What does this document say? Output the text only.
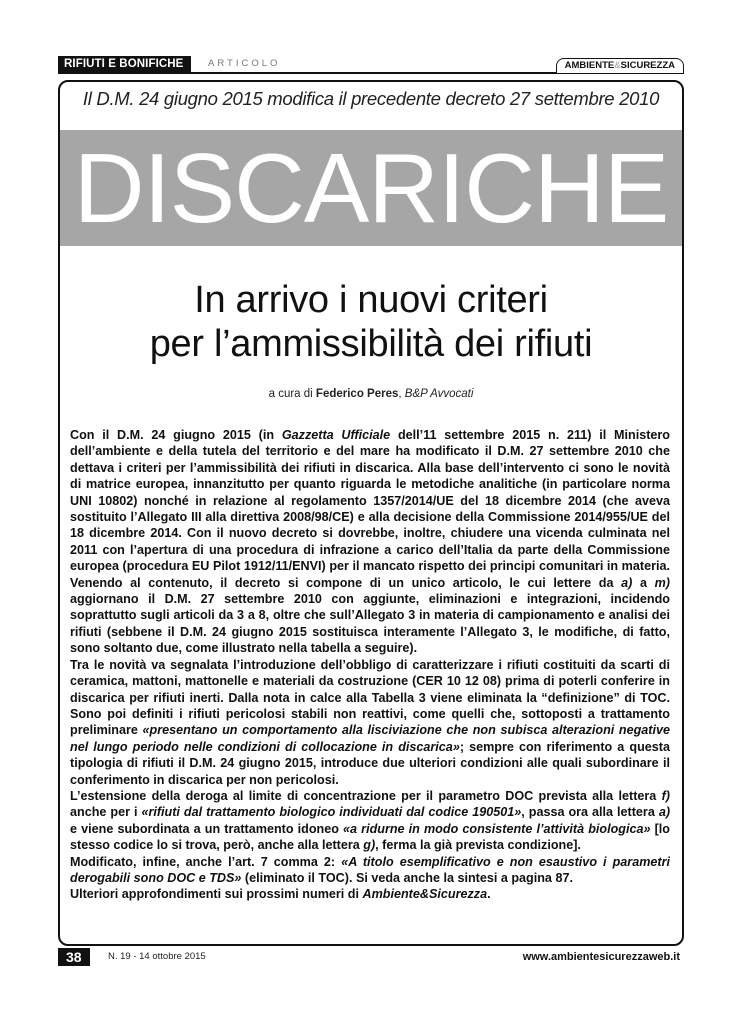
RIFIUTI E BONIFICHE	ARTICOLO	AMBIENTE&SICUREZZA
Il D.M. 24 giugno 2015 modifica il precedente decreto 27 settembre 2010
DISCARICHE
In arrivo i nuovi criteri
per l’ammissibilità dei rifiuti
a cura di Federico Peres, B&P Avvocati

Con il D.M. 24 giugno 2015 (in Gazzetta Ufficiale dell’11 settembre 2015 n. 211) il Ministero dell’ambiente e della tutela del territorio e del mare ha modificato il D.M. 27 settembre 2010 che dettava i criteri per l’ammissibilità dei rifiuti in discarica. Alla base dell’intervento ci sono le novità di matrice europea, innanzitutto per quanto riguarda le metodiche analitiche (in particolare norma UNI 10802) nonché in relazione al regolamento 1357/2014/UE del 18 dicembre 2014 (che aveva sostituito l’Allegato III alla direttiva 2008/98/CE) e alla decisione della Commissione 2014/955/UE del 18 dicembre 2014. Con il nuovo decreto si dovrebbe, inoltre, chiudere una vicenda culminata nel 2011 con l’apertura di una procedura di infrazione a carico dell’Italia da parte della Commissione europea (procedura EU Pilot 1912/11/ENVI) per il mancato rispetto dei principi comunitari in materia. Venendo al contenuto, il decreto si compone di un unico articolo, le cui lettere da a) a m) aggiornano il D.M. 27 settembre 2010 con aggiunte, eliminazioni e integrazioni, incidendo soprattutto sugli articoli da 3 a 8, oltre che sull’Allegato 3 in materia di campionamento e analisi dei rifiuti (sebbene il D.M. 24 giugno 2015 sostituisca interamente l’Allegato 3, le modifiche, di fatto, sono soltanto due, come illustrato nella tabella a seguire).

Tra le novità va segnalata l’introduzione dell’obbligo di caratterizzare i rifiuti costituiti da scarti di ceramica, mattoni, mattonelle e materiali da costruzione (CER 10 12 08) prima di poterli conferire in discarica per rifiuti inerti. Dalla nota in calce alla Tabella 3 viene eliminata la “definizione” di TOC. Sono poi definiti i rifiuti pericolosi stabili non reattivi, come quelli che, sottoposti a trattamento preliminare «presentano un comportamento alla lisciviazione che non subisca alterazioni negative nel lungo periodo nelle condizioni di collocazione in discarica»; sempre con riferimento a questa tipologia di rifiuti il D.M. 24 giugno 2015, introduce due ulteriori condizioni alle quali subordinare il conferimento in discarica per non pericolosi.

L’estensione della deroga al limite di concentrazione per il parametro DOC prevista alla lettera f) anche per i «rifiuti dal trattamento biologico individuati dal codice 190501», passa ora alla lettera a) e viene subordinata a un trattamento idoneo «a ridurne in modo consistente l’attività biologica» [lo stesso codice lo si trova, però, anche alla lettera g), ferma la già prevista condizione].

Modificato, infine, anche l’art. 7 comma 2: «A titolo esemplificativo e non esaustivo i parametri derogabili sono DOC e TDS» (eliminato il TOC). Si veda anche la sintesi a pagina 87.

Ulteriori approfondimenti sui prossimi numeri di Ambiente&Sicurezza.

38	N. 19 - 14 ottobre 2015	www.ambientesicurezzaweb.it
